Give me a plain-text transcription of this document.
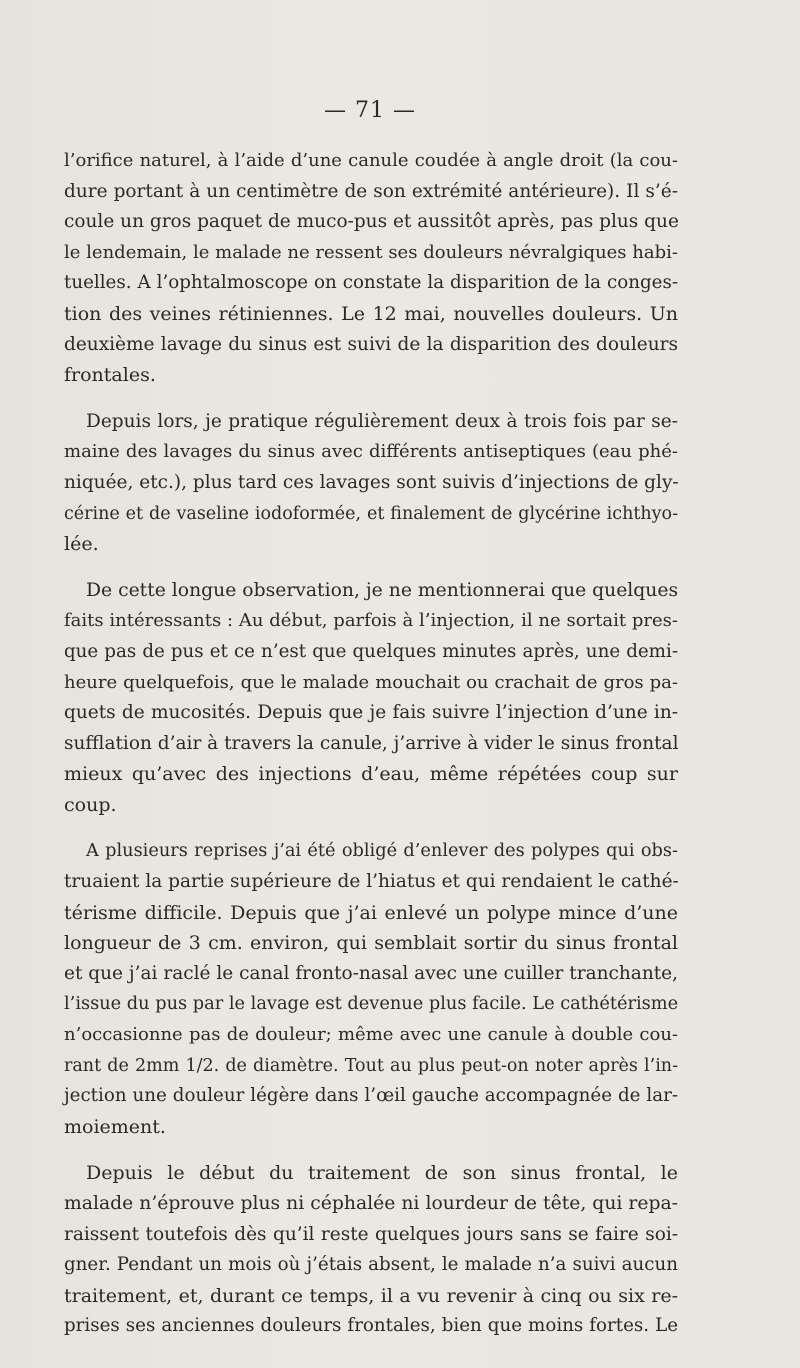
— 71 —
l’orifice naturel, à l’aide d’une canule coudée à angle droit (la cou-
dure portant à un centimètre de son extrémité antérieure). Il s’é-
coule un gros paquet de muco-pus et aussitôt après, pas plus que
le lendemain, le malade ne ressent ses douleurs névralgiques habi-
tuelles. A l’ophtalmoscope on constate la disparition de la conges-
tion des veines rétiniennes. Le 12 mai, nouvelles douleurs. Un
deuxième lavage du sinus est suivi de la disparition des douleurs
frontales.
Depuis lors, je pratique régulièrement deux à trois fois par se-
maine des lavages du sinus avec différents antiseptiques (eau phé-
niquée, etc.), plus tard ces lavages sont suivis d’injections de gly-
cérine et de vaseline iodoformée, et finalement de glycérine ichthyo-
lée.
De cette longue observation, je ne mentionnerai que quelques
faits intéressants : Au début, parfois à l’injection, il ne sortait pres-
que pas de pus et ce n’est que quelques minutes après, une demi-
heure quelquefois, que le malade mouchait ou crachait de gros pa-
quets de mucosités. Depuis que je fais suivre l’injection d’une in-
sufflation d’air à travers la canule, j’arrive à vider le sinus frontal
mieux qu’avec des injections d’eau, même répétées coup sur
coup.
A plusieurs reprises j’ai été obligé d’enlever des polypes qui obs-
truaient la partie supérieure de l’hiatus et qui rendaient le cathé-
térisme difficile. Depuis que j’ai enlevé un polype mince d’une
longueur de 3 cm. environ, qui semblait sortir du sinus frontal
et que j’ai raclé le canal fronto-nasal avec une cuiller tranchante,
l’issue du pus par le lavage est devenue plus facile. Le cathétérisme
n’occasionne pas de douleur; même avec une canule à double cou-
rant de 2mm 1/2. de diamètre. Tout au plus peut-on noter après l’in-
jection une douleur légère dans l’œil gauche accompagnée de lar-
moiement.
Depuis le début du traitement de son sinus frontal, le
malade n’éprouve plus ni céphalée ni lourdeur de tête, qui repa-
raissent toutefois dès qu’il reste quelques jours sans se faire soi-
gner. Pendant un mois où j’étais absent, le malade n’a suivi aucun
traitement, et, durant ce temps, il a vu revenir à cinq ou six re-
prises ses anciennes douleurs frontales, bien que moins fortes. Le
